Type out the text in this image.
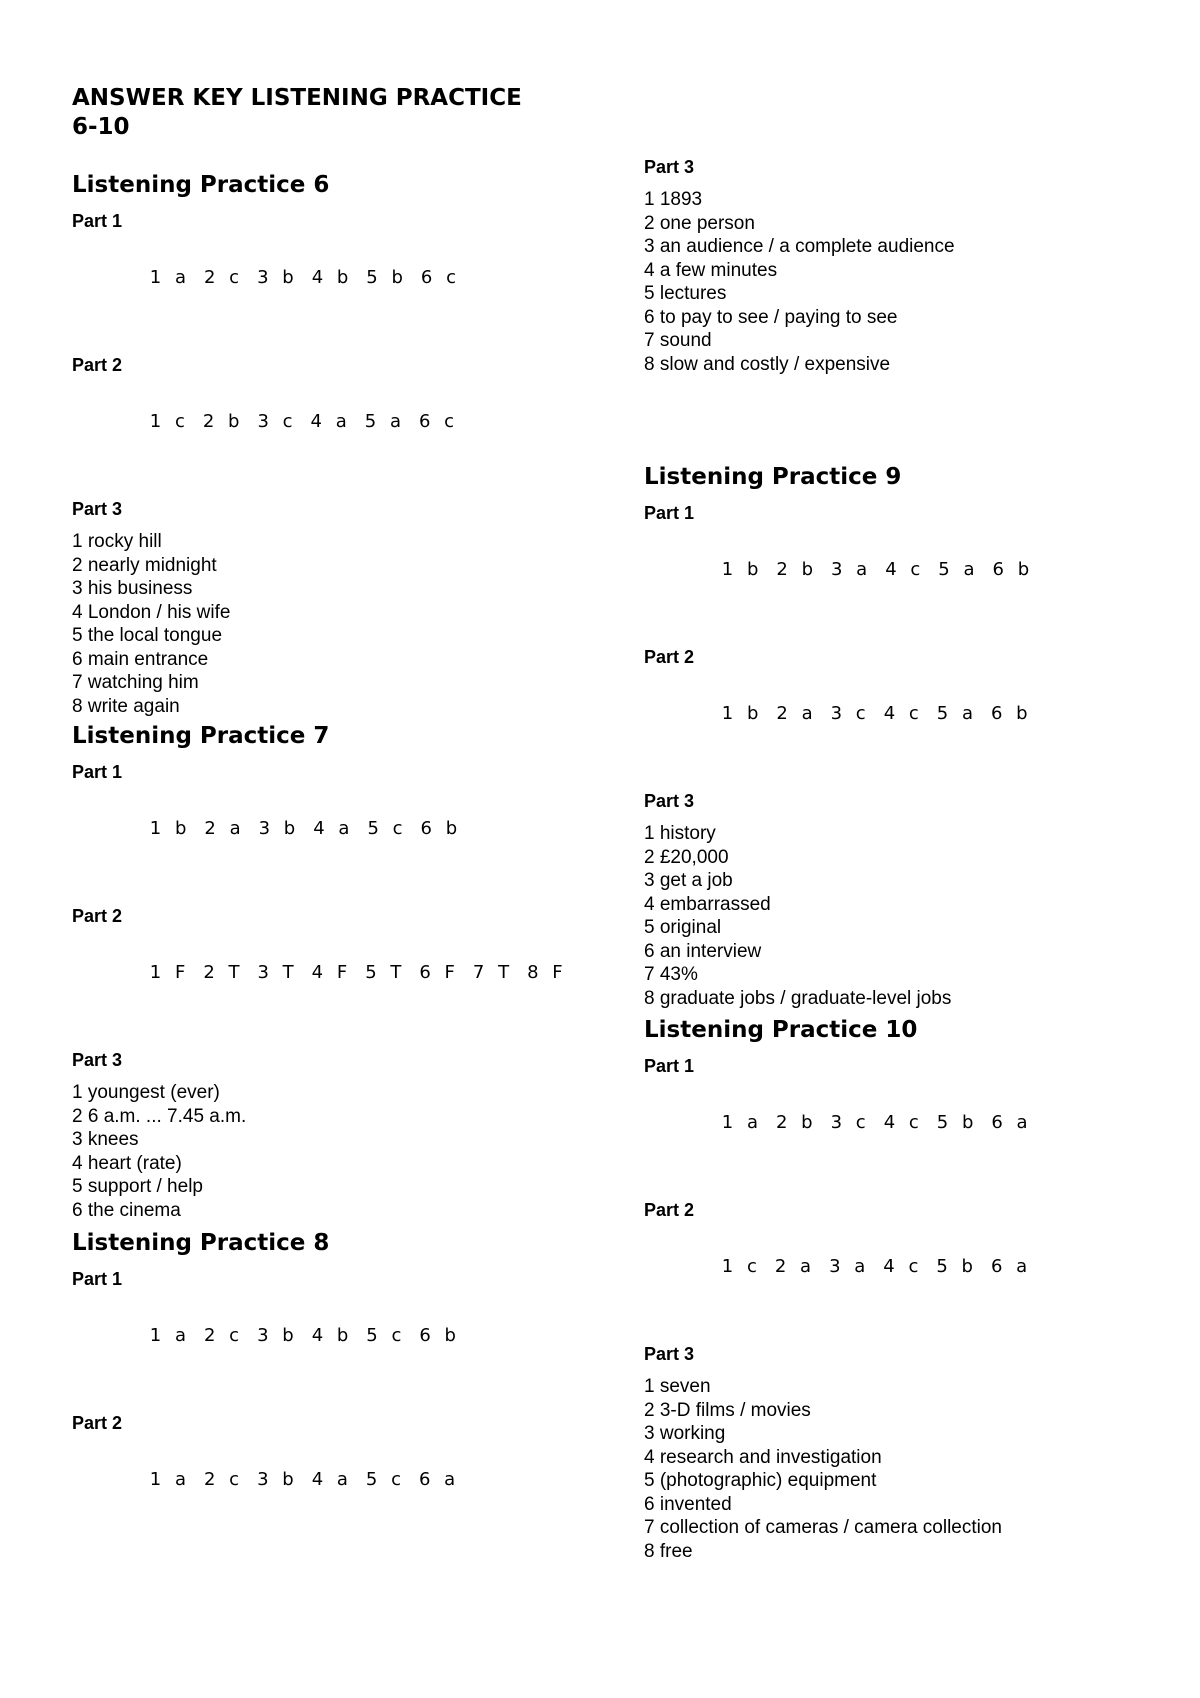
ANSWER KEY LISTENING PRACTICE
6-10
Listening Practice 6
Part 1

1 a 2 c 3 b 4 b 5 b 6 c

Part 2

1 c 2 b 3 c 4 a 5 a 6 c

Part 3
1 rocky hill
2 nearly midnight
3 his business
4 London / his wife
5 the local tongue
6 main entrance
7 watching him
8 write again
Listening Practice 7
Part 1

1 b 2 a 3 b 4 a 5 c 6 b

Part 2

1 F 2 T 3 T 4 F 5 T 6 F 7 T 8 F

Part 3
1 youngest (ever)
2 6 a.m. ... 7.45 a.m.
3 knees
4 heart (rate)
5 support / help
6 the cinema
Listening Practice 8
Part 1

1 a 2 c 3 b 4 b 5 c 6 b

Part 2

1 a 2 c 3 b 4 a 5 c 6 a

Part 3
1 1893
2 one person
3 an audience / a complete audience
4 a few minutes
5 lectures
6 to pay to see / paying to see
7 sound
8 slow and costly / expensive
Listening Practice 9
Part 1

1 b 2 b 3 a 4 c 5 a 6 b

Part 2

1 b 2 a 3 c 4 c 5 a 6 b

Part 3
1 history
2 £20,000
3 get a job
4 embarrassed
5 original
6 an interview
7 43%
8 graduate jobs / graduate-level jobs
Listening Practice 10
Part 1

1 a 2 b 3 c 4 c 5 b 6 a

Part 2

1 c 2 a 3 a 4 c 5 b 6 a

Part 3
1 seven
2 3-D films / movies
3 working
4 research and investigation
5 (photographic) equipment
6 invented
7 collection of cameras / camera collection
8 free
